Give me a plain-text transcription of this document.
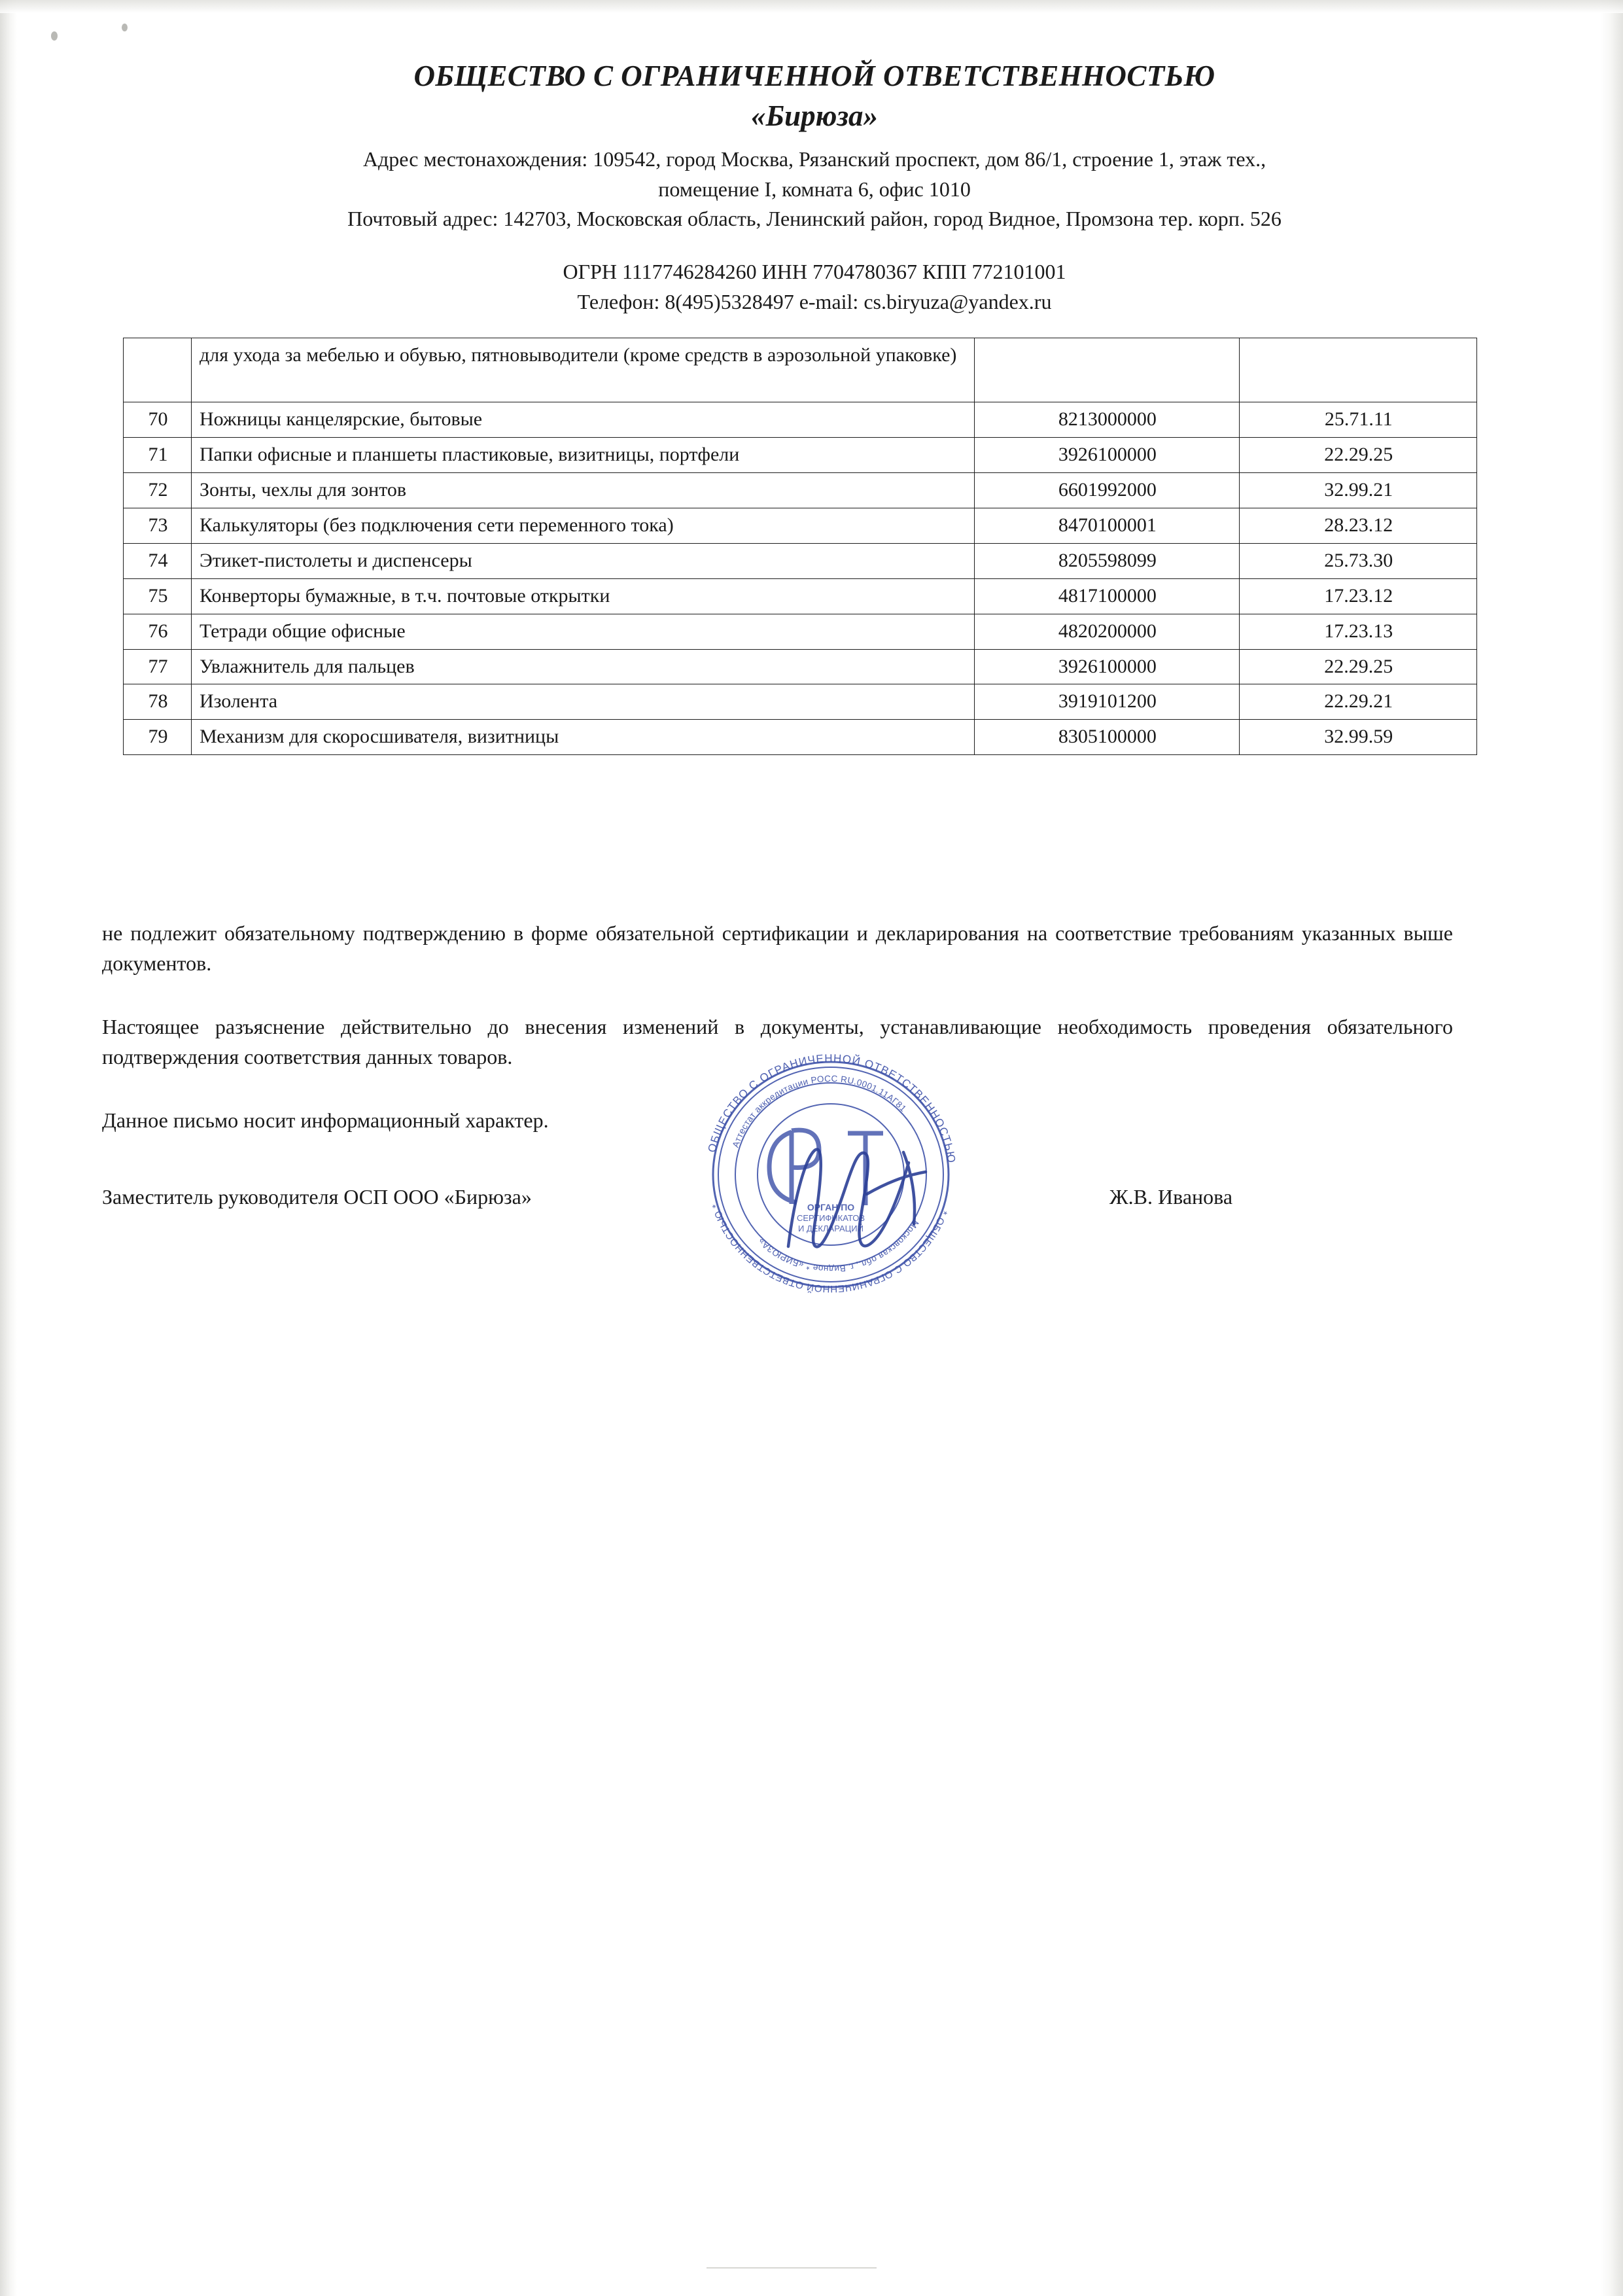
ОБЩЕСТВО С ОГРАНИЧЕННОЙ ОТВЕТСТВЕННОСТЬЮ
«Бирюза»
Адрес местонахождения: 109542, город Москва, Рязанский проспект, дом 86/1, строение 1, этаж тех.,
помещение I, комната 6, офис 1010
Почтовый адрес: 142703, Московская область, Ленинский район, город Видное, Промзона тер. корп. 526
ОГРН 1117746284260 ИНН 7704780367 КПП 772101001
Телефон: 8(495)5328497 e-mail: cs.biryuza@yandex.ru
	для ухода за мебелью и обувью, пятновыводители (кроме средств в аэрозольной упаковке)		
70	Ножницы канцелярские, бытовые	8213000000	25.71.11
71	Папки офисные и планшеты пластиковые, визитницы, портфели	3926100000	22.29.25
72	Зонты, чехлы для зонтов	6601992000	32.99.21
73	Калькуляторы (без подключения сети переменного тока)	8470100001	28.23.12
74	Этикет-пистолеты и диспенсеры	8205598099	25.73.30
75	Конверторы бумажные, в т.ч. почтовые открытки	4817100000	17.23.12
76	Тетради общие офисные	4820200000	17.23.13
77	Увлажнитель для пальцев	3926100000	22.29.25
78	Изолента	3919101200	22.29.21
79	Механизм для скоросшивателя, визитницы	8305100000	32.99.59
не подлежит обязательному подтверждению в форме обязательной сертификации и декларирования на соответствие требованиям указанных выше документов.
Настоящее разъяснение действительно до внесения изменений в документы, устанавливающие необходимость проведения обязательного подтверждения соответствия данных товаров.
Данное письмо носит информационный характер.
Заместитель руководителя ОСП ООО «Бирюза»	Ж.В. Иванова
ОБЩЕСТВО С ОГРАНИЧЕННОЙ ОТВЕТСТВЕННОСТЬЮ
* ОБЩЕСТВО С ОГРАНИЧЕННОЙ ОТВЕТСТВЕННОСТЬЮ *
Аттестат аккредитации РОСС RU.0001.11АГ81
Московская обл., г. Видное * «БИРЮЗА»
ОРГАН ПО
СЕРТИФИКАТОВ
И ДЕКЛАРАЦИЙ
